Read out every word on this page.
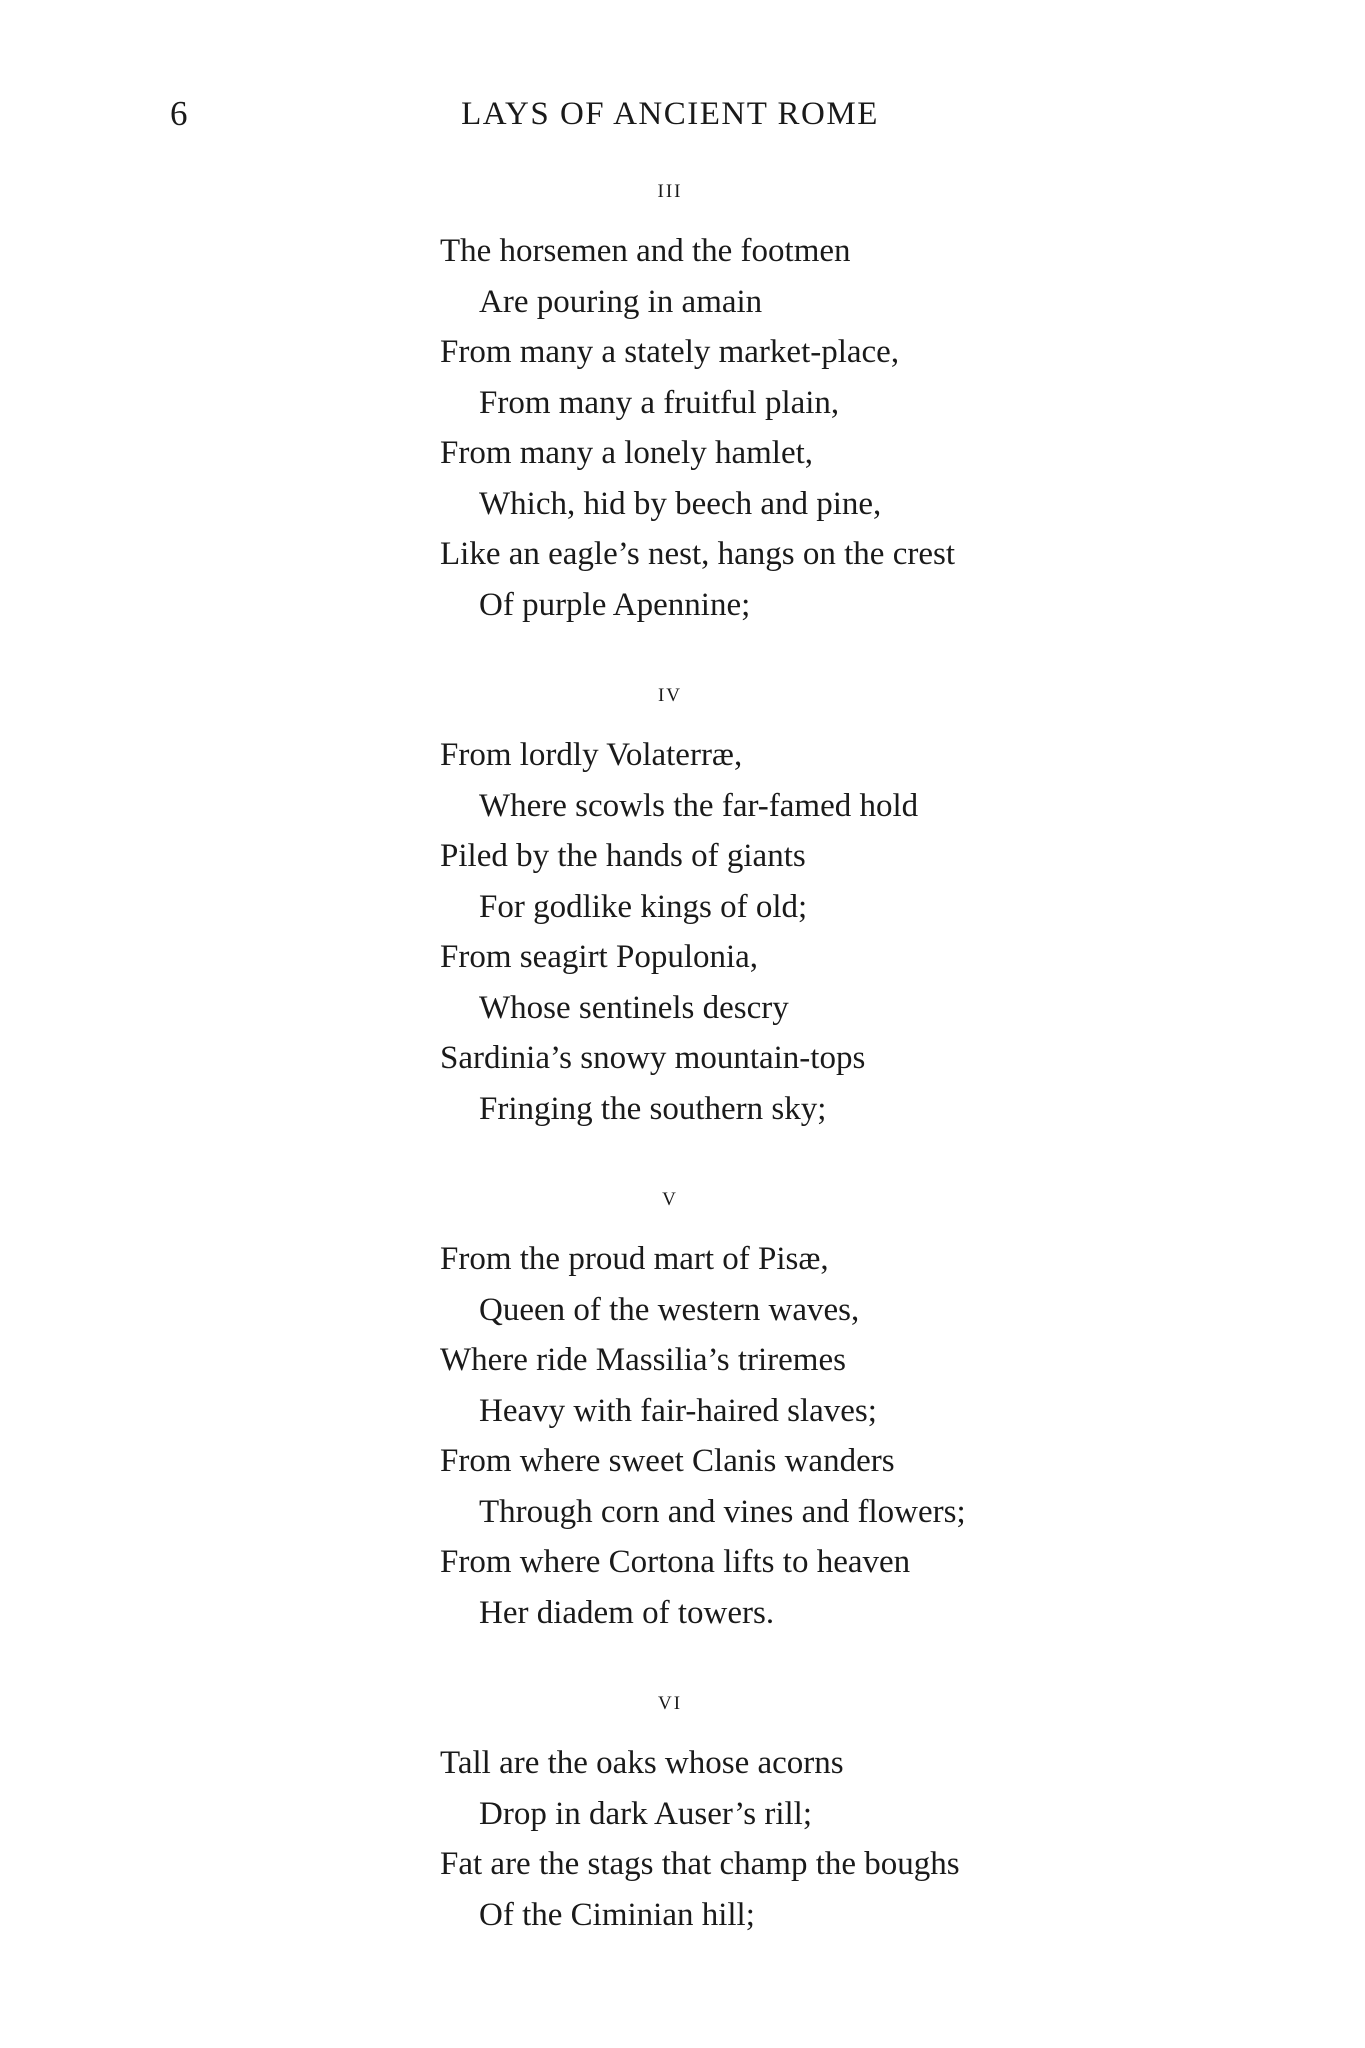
6	LAYS OF ANCIENT ROME
iii
The horsemen and the footmen
Are pouring in amain
From many a stately market-place,
From many a fruitful plain,
From many a lonely hamlet,
Which, hid by beech and pine,
Like an eagle’s nest, hangs on the crest
Of purple Apennine;
iv
From lordly Volaterræ,
Where scowls the far-famed hold
Piled by the hands of giants
For godlike kings of old;
From seagirt Populonia,
Whose sentinels descry
Sardinia’s snowy mountain-tops
Fringing the southern sky;
v
From the proud mart of Pisæ,
Queen of the western waves,
Where ride Massilia’s triremes
Heavy with fair-haired slaves;
From where sweet Clanis wanders
Through corn and vines and flowers;
From where Cortona lifts to heaven
Her diadem of towers.
vi
Tall are the oaks whose acorns
Drop in dark Auser’s rill;
Fat are the stags that champ the boughs
Of the Ciminian hill;
